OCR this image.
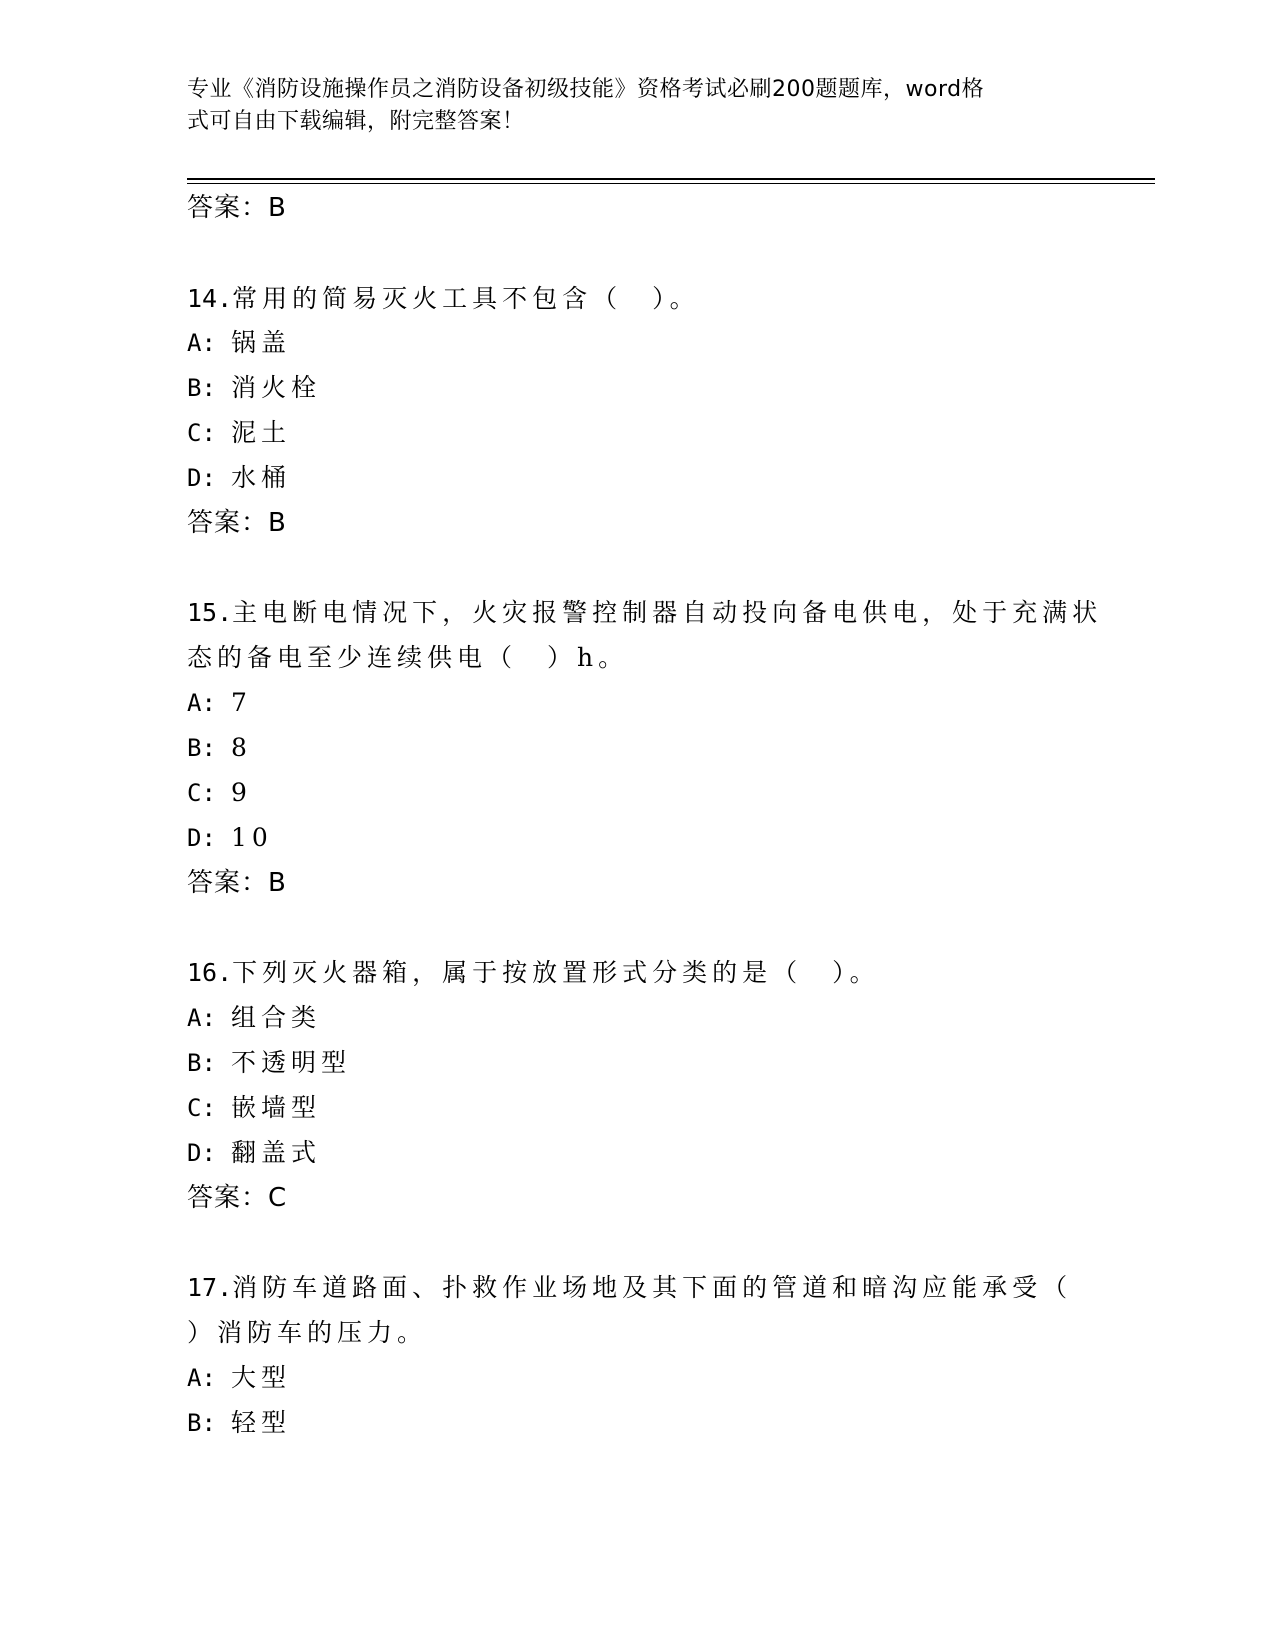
专业《消防设施操作员之消防设备初级技能》资格考试必刷200题题库，word格
式可自由下载编辑，附完整答案！
答案：B
14.常用的简易灭火工具不包含（　）。
A: 锅盖
B: 消火栓
C: 泥土
D: 水桶
答案：B
15.主电断电情况下，火灾报警控制器自动投向备电供电，处于充满状
态的备电至少连续供电（　）h。
A: 7
B: 8
C: 9
D: 10
答案：B
16.下列灭火器箱，属于按放置形式分类的是（　）。
A: 组合类
B: 不透明型
C: 嵌墙型
D: 翻盖式
答案：C
17.消防车道路面、扑救作业场地及其下面的管道和暗沟应能承受（
）消防车的压力。
A: 大型
B: 轻型
